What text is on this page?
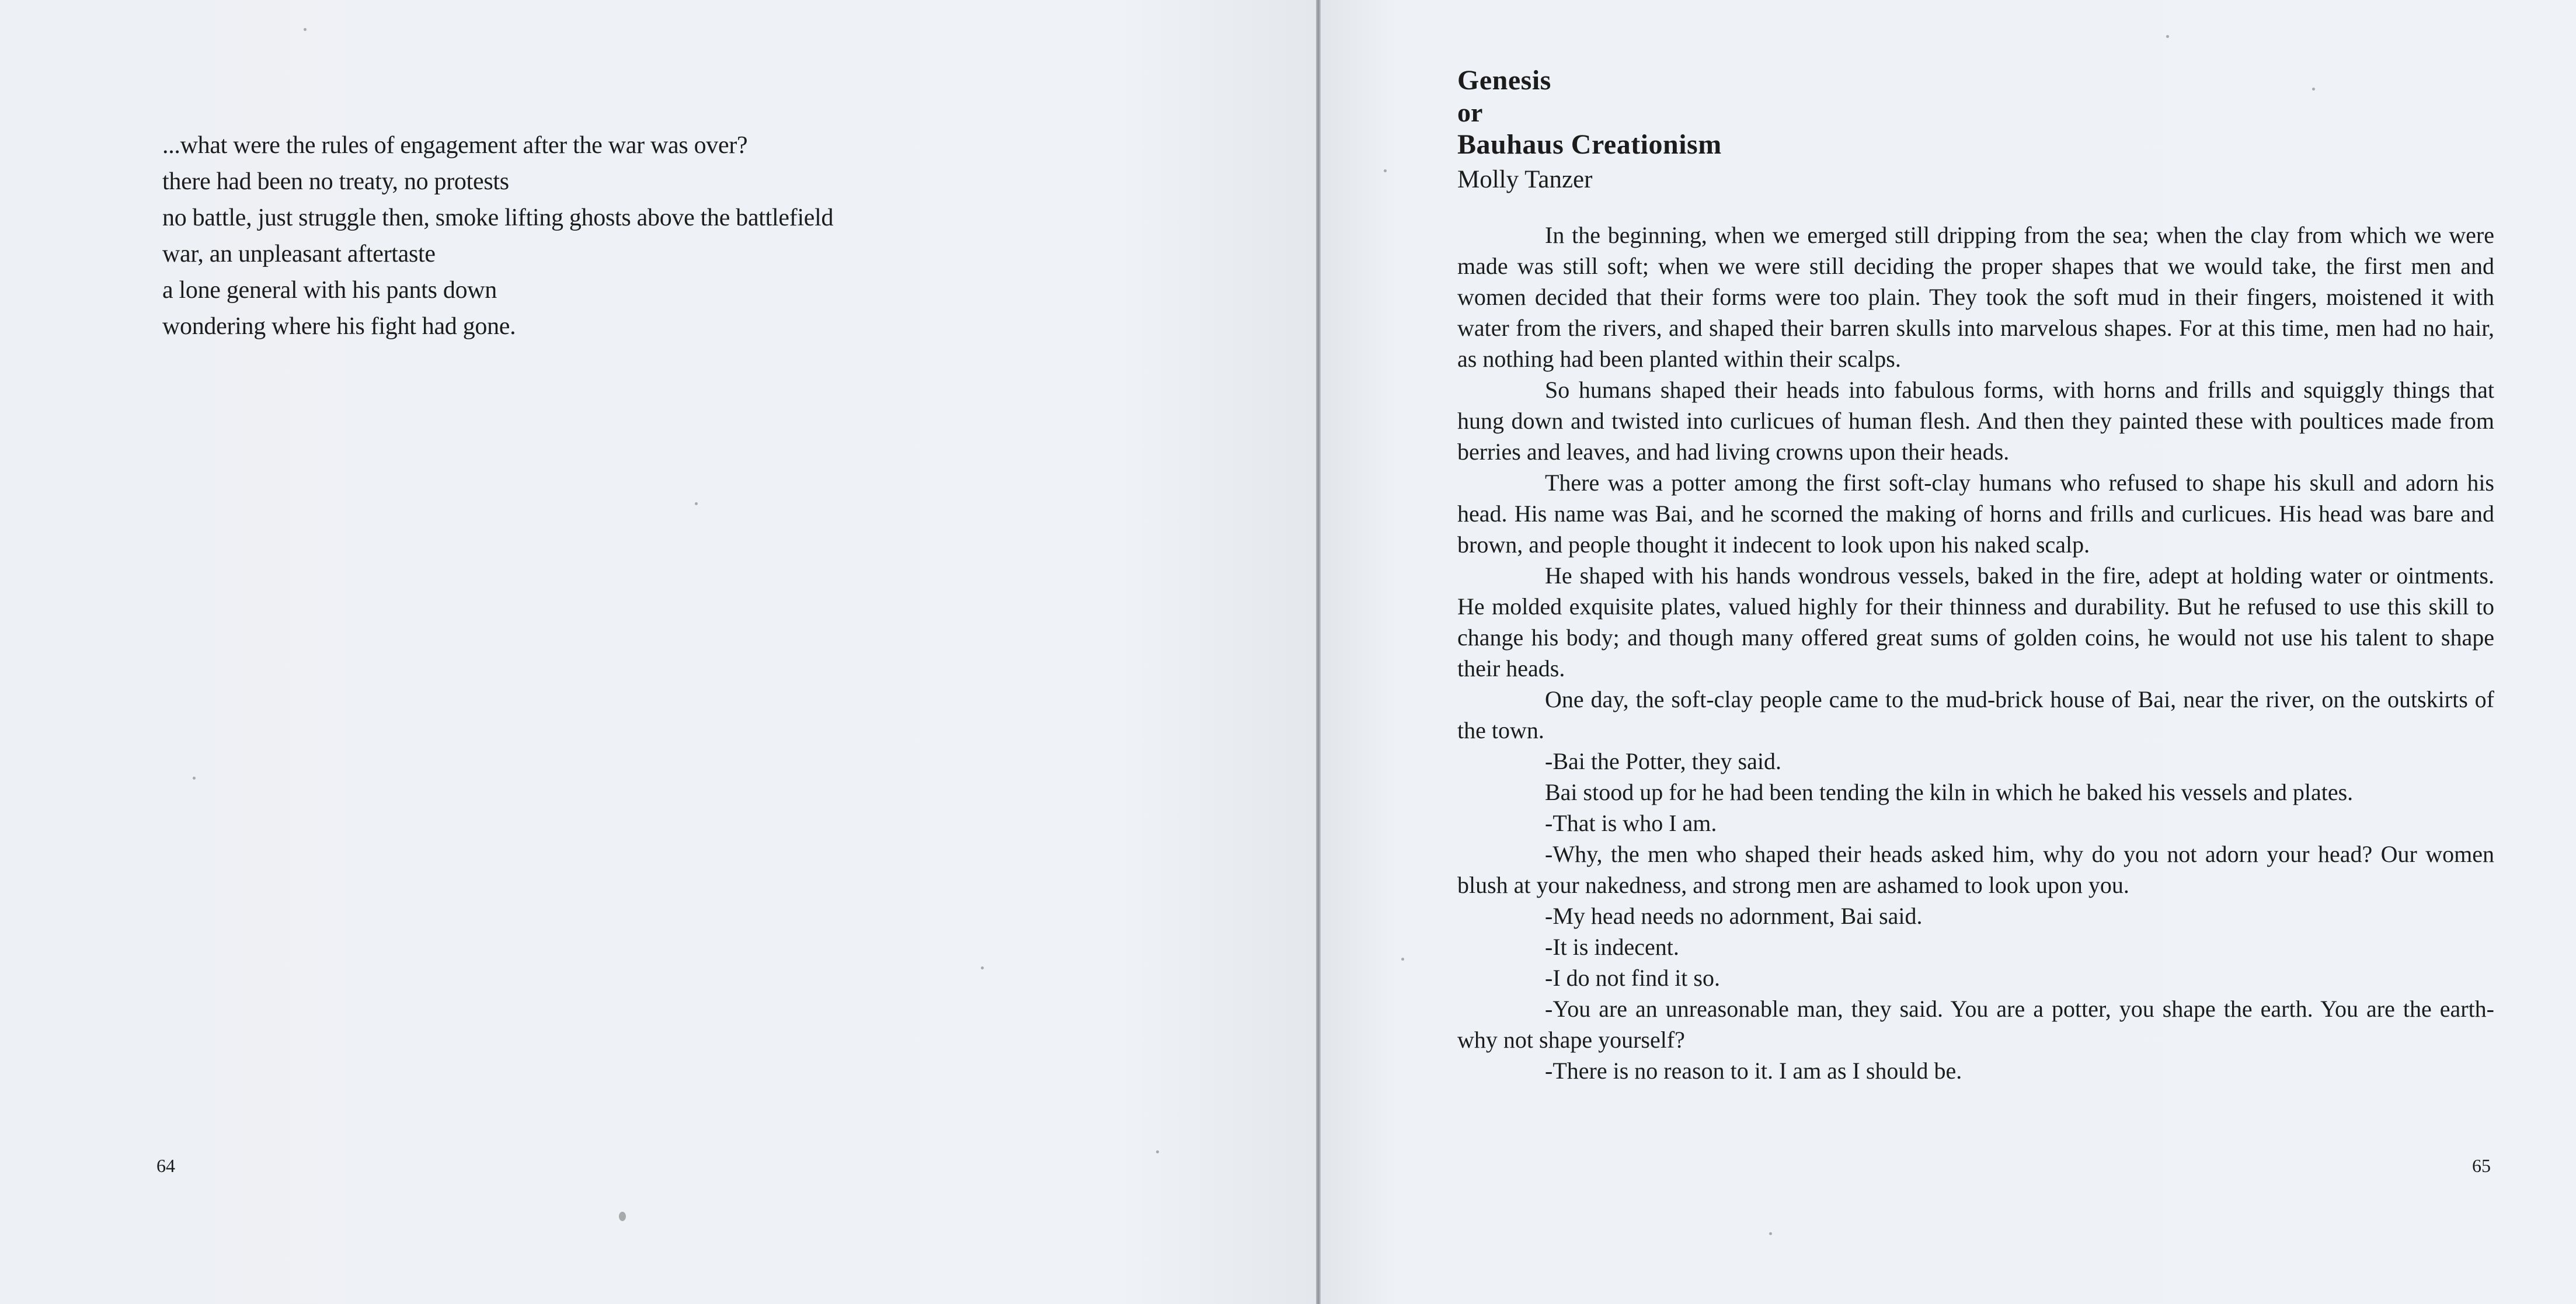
...what were the rules of engagement after the war was over?
there had been no treaty, no protests
no battle, just struggle then, smoke lifting ghosts above the battlefield
war, an unpleasant aftertaste
a lone general with his pants down
wondering where his fight had gone.
64
Genesis
or
Bauhaus Creationism
Molly Tanzer

In the beginning, when we emerged still dripping from the sea; when the clay from which we were made was still soft; when we were still deciding the proper shapes that we would take, the first men and women decided that their forms were too plain. They took the soft mud in their fingers, moistened it with water from the rivers, and shaped their barren skulls into marvelous shapes. For at this time, men had no hair, as nothing had been planted within their scalps.

So humans shaped their heads into fabulous forms, with horns and frills and squiggly things that hung down and twisted into curlicues of human flesh. And then they painted these with poultices made from berries and leaves, and had living crowns upon their heads.

There was a potter among the first soft-clay humans who refused to shape his skull and adorn his head. His name was Bai, and he scorned the making of horns and frills and curlicues. His head was bare and brown, and people thought it indecent to look upon his naked scalp.

He shaped with his hands wondrous vessels, baked in the fire, adept at holding water or ointments. He molded exquisite plates, valued highly for their thinness and durability. But he refused to use this skill to change his body; and though many offered great sums of golden coins, he would not use his talent to shape their heads.

One day, the soft-clay people came to the mud-brick house of Bai, near the river, on the outskirts of the town.

-Bai the Potter, they said.

Bai stood up for he had been tending the kiln in which he baked his vessels and plates.

-That is who I am.

-Why, the men who shaped their heads asked him, why do you not adorn your head? Our women blush at your nakedness, and strong men are ashamed to look upon you.

-My head needs no adornment, Bai said.

-It is indecent.

-I do not find it so.

-You are an unreasonable man, they said. You are a potter, you shape the earth. You are the earth- why not shape yourself?

-There is no reason to it. I am as I should be.

65
